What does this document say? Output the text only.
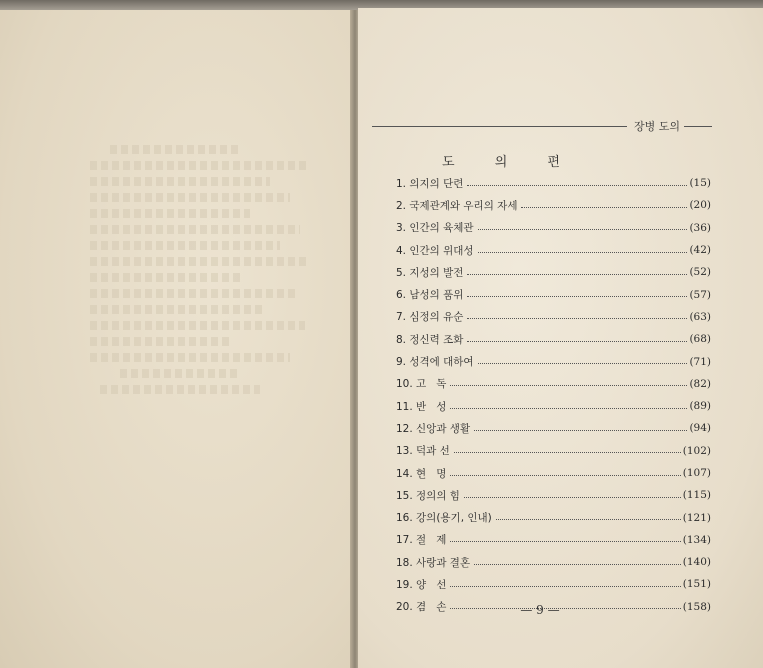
장병 도의
도 의 편
1. 의지의 단련	(15)
2. 국제관계와 우리의 자세	(20)
3. 인간의 육체관	(36)
4. 인간의 위대성	(42)
5. 지성의 발전	(52)
6. 남성의 품위	(57)
7. 심정의 유순	(63)
8. 정신력 조화	(68)
9. 성격에 대하여	(71)
10. 고   독	(82)
11. 반   성	(89)
12. 신앙과 생활	(94)
13. 덕과 선	(102)
14. 현   명	(107)
15. 정의의 힘	(115)
16. 강의(용기, 인내)	(121)
17. 절   제	(134)
18. 사랑과 결혼	(140)
19. 양   선	(151)
20. 겸   손	(158)
— 9 —
